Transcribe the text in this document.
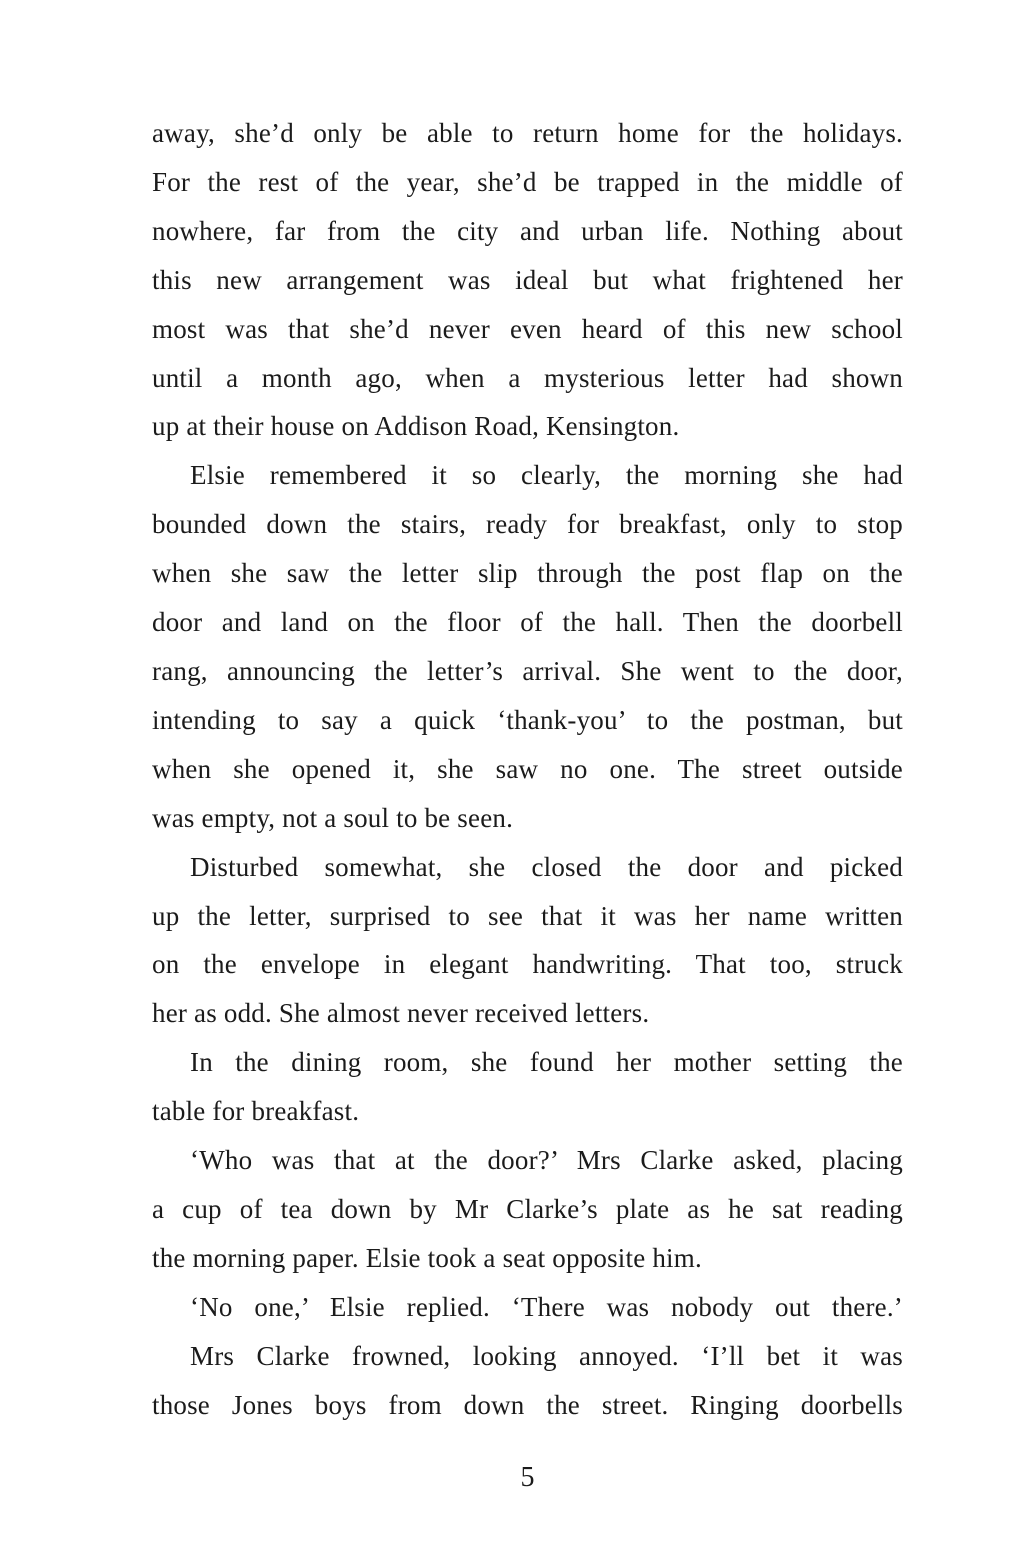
away, she’d only be able to return home for the holidays.
For the rest of the year, she’d be trapped in the middle of
nowhere, far from the city and urban life. Nothing about
this new arrangement was ideal but what frightened her
most was that she’d never even heard of this new school
until a month ago, when a mysterious letter had shown
up at their house on Addison Road, Kensington.
Elsie remembered it so clearly, the morning she had
bounded down the stairs, ready for breakfast, only to stop
when she saw the letter slip through the post flap on the
door and land on the floor of the hall. Then the doorbell
rang, announcing the letter’s arrival. She went to the door,
intending to say a quick ‘thank-you’ to the postman, but
when she opened it, she saw no one. The street outside
was empty, not a soul to be seen.
Disturbed somewhat, she closed the door and picked
up the letter, surprised to see that it was her name written
on the envelope in elegant handwriting. That too, struck
her as odd. She almost never received letters.
In the dining room, she found her mother setting the
table for breakfast.
‘Who was that at the door?’ Mrs Clarke asked, placing
a cup of tea down by Mr Clarke’s plate as he sat reading
the morning paper. Elsie took a seat opposite him.
‘No one,’ Elsie replied. ‘There was nobody out there.’
Mrs Clarke frowned, looking annoyed. ‘I’ll bet it was
those Jones boys from down the street. Ringing doorbells
5
